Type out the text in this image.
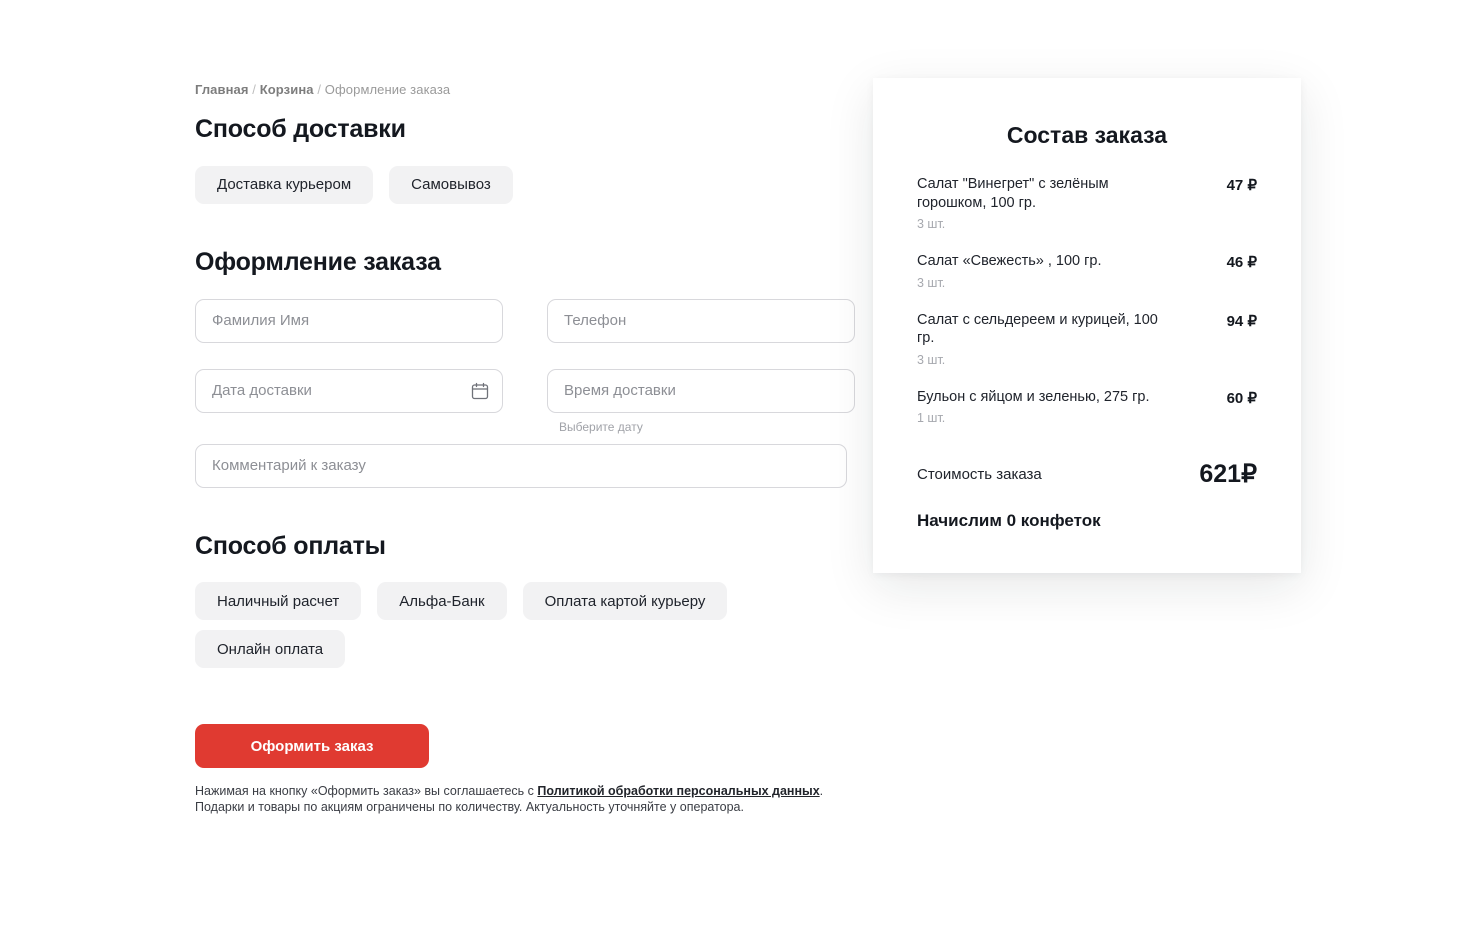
Главная / Корзина / Оформление заказа
Способ доставки
Доставка курьером	Самовывоз
Оформление заказа
Фамилия Имя
Телефон
Дата доставки
Время доставки
Выберите дату
Комментарий к заказу
Способ оплаты
Наличный расчет	Альфа-Банк	Оплата картой курьеру
Онлайн оплата
Оформить заказ
Нажимая на кнопку «Оформить заказ» вы соглашаетесь с Политикой обработки персональных данных.
Подарки и товары по акциям ограничены по количеству. Актуальность уточняйте у оператора.
Состав заказа
Салат "Винегрет" с зелёным горошком, 100 гр.
3 шт.
47 ₽
Салат «Свежесть» , 100 гр.
3 шт.
46 ₽
Салат с сельдереем и курицей, 100 гр.
3 шт.
94 ₽
Бульон с яйцом и зеленью, 275 гр.
1 шт.
60 ₽
Стоимость заказа	621₽
Начислим 0 конфеток
